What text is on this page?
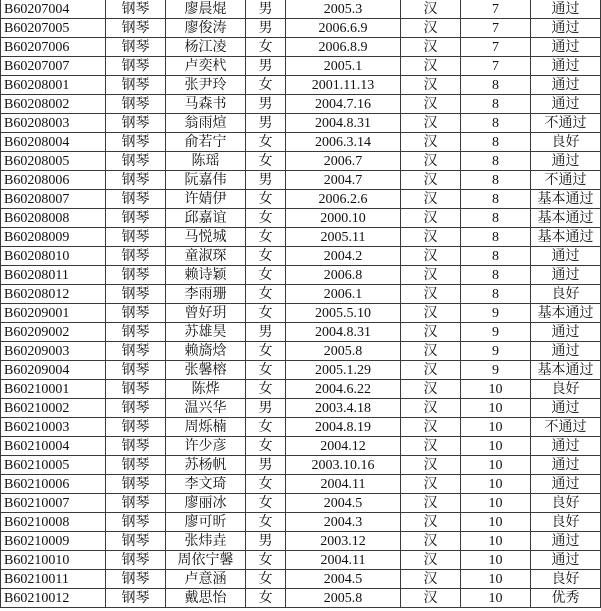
B60207004	钢琴	廖晨焜	男	2005.3	汉	7	通过
B60207005	钢琴	廖俊涛	男	2006.6.9	汉	7	通过
B60207006	钢琴	杨江凌	女	2006.8.9	汉	7	通过
B60207007	钢琴	卢奕杙	男	2005.1	汉	7	通过
B60208001	钢琴	张尹玲	女	2001.11.13	汉	8	通过
B60208002	钢琴	马森书	男	2004.7.16	汉	8	通过
B60208003	钢琴	翁雨煊	男	2004.8.31	汉	8	不通过
B60208004	钢琴	俞若宁	女	2006.3.14	汉	8	良好
B60208005	钢琴	陈瑶	女	2006.7	汉	8	通过
B60208006	钢琴	阮嘉伟	男	2004.7	汉	8	不通过
B60208007	钢琴	许婧伊	女	2006.2.6	汉	8	基本通过
B60208008	钢琴	邱嘉谊	女	2000.10	汉	8	基本通过
B60208009	钢琴	马悦城	女	2005.11	汉	8	基本通过
B60208010	钢琴	童淑琛	女	2004.2	汉	8	通过
B60208011	钢琴	赖诗颖	女	2006.8	汉	8	通过
B60208012	钢琴	李雨珊	女	2006.1	汉	8	良好
B60209001	钢琴	曾好玥	女	2005.5.10	汉	9	基本通过
B60209002	钢琴	苏雄昊	男	2004.8.31	汉	9	通过
B60209003	钢琴	赖旖焓	女	2005.8	汉	9	通过
B60209004	钢琴	张馨榕	女	2005.1.29	汉	9	基本通过
B60210001	钢琴	陈烨	女	2004.6.22	汉	10	良好
B60210002	钢琴	温兴华	男	2003.4.18	汉	10	通过
B60210003	钢琴	周烁楠	女	2004.8.19	汉	10	不通过
B60210004	钢琴	许少彦	女	2004.12	汉	10	通过
B60210005	钢琴	苏杨帆	男	2003.10.16	汉	10	通过
B60210006	钢琴	李文琦	女	2004.11	汉	10	通过
B60210007	钢琴	廖丽冰	女	2004.5	汉	10	良好
B60210008	钢琴	廖可昕	女	2004.3	汉	10	良好
B60210009	钢琴	张炜垚	男	2003.12	汉	10	通过
B60210010	钢琴	周依宁馨	女	2004.11	汉	10	通过
B60210011	钢琴	卢意涵	女	2004.5	汉	10	良好
B60210012	钢琴	戴思怡	女	2005.8	汉	10	优秀
